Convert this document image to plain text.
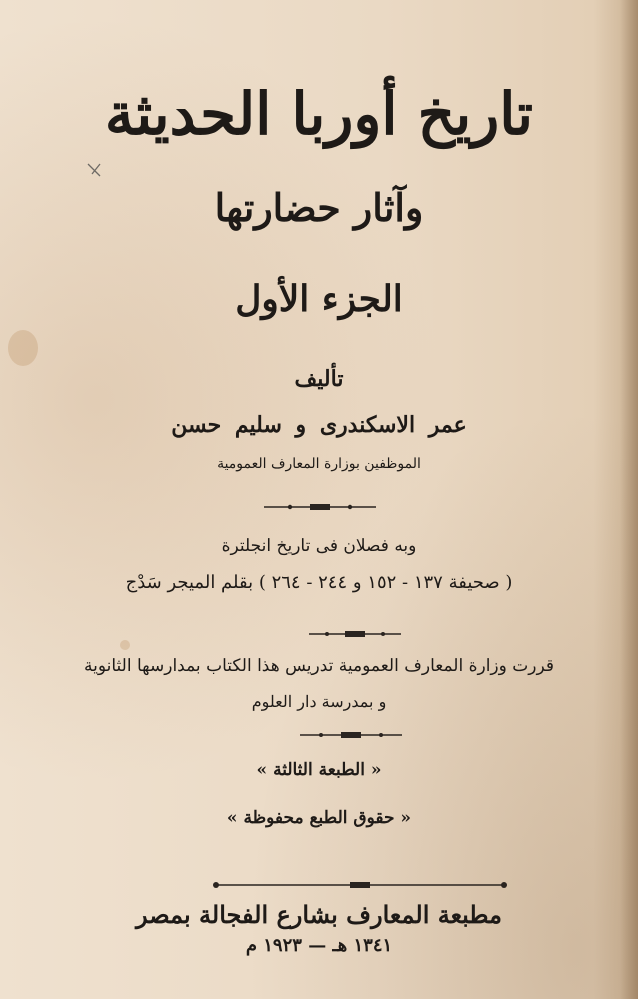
تاريخ أوربا الحديثة
وآثار حضارتها
الجزء الأول
تأليف
عمر الاسكندرى و سليم حسن
الموظفين بوزارة المعارف العمومية
وبه فصلان فى تاريخ انجلترة
( صحيفة ١٣٧ - ١٥٢ و ٢٤٤ - ٢٦٤ ) بقلم الميجر سَدْج
قررت وزارة المعارف العمومية تدريس هذا الكتاب بمدارسها الثانوية
و بمدرسة دار العلوم
« الطبعة الثالثة »
« حقوق الطبع محفوظة »
مطبعة المعارف بشارع الفجالة بمصر
١٣٤١ هـ — ١٩٢٣ م
